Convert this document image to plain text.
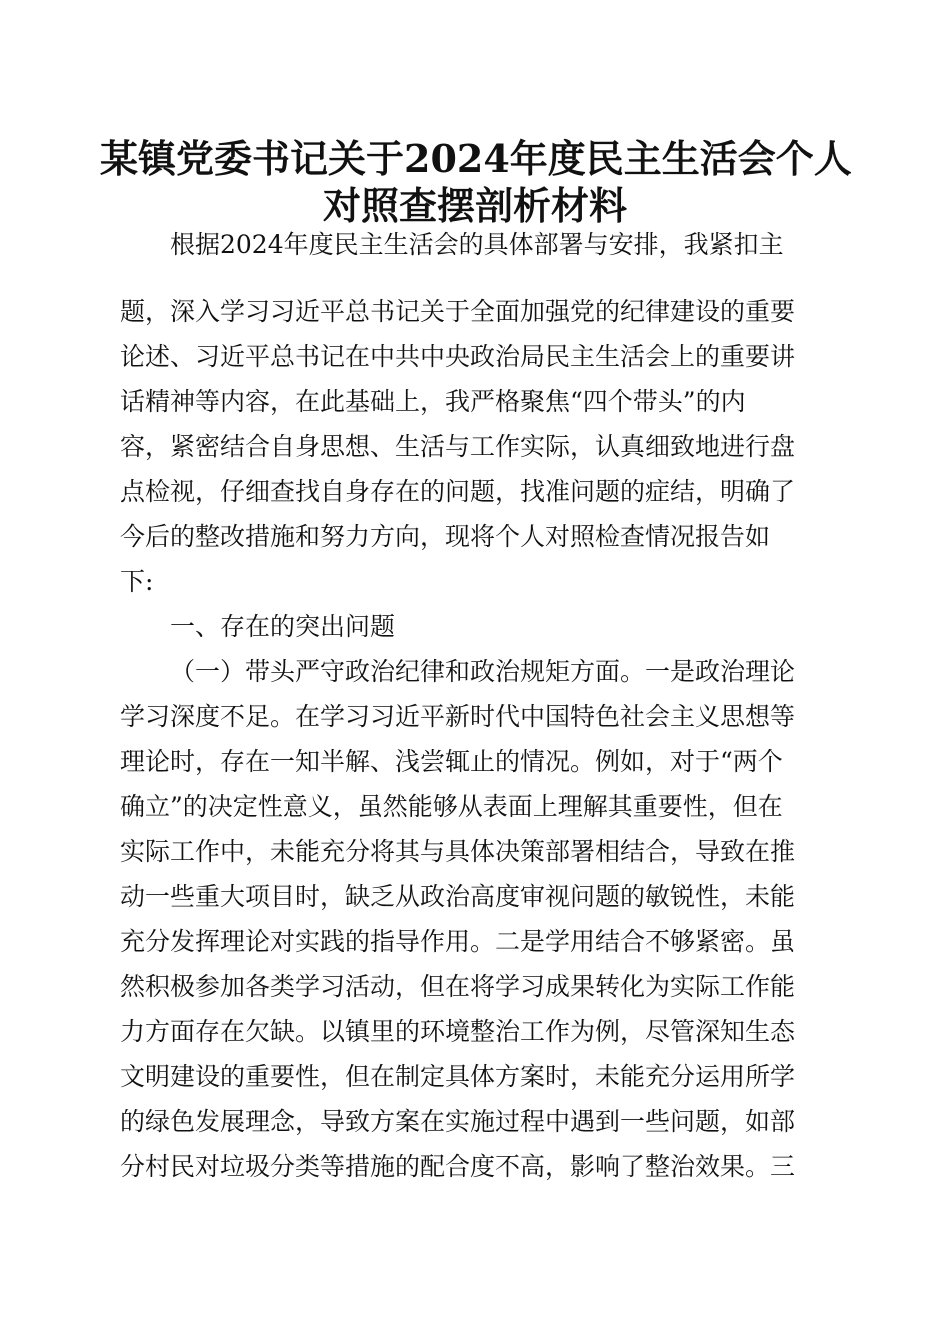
某镇党委书记关于2024年度民主生活会个人
对照查摆剖析材料
根据2024年度民主生活会的具体部署与安排，我紧扣主
题，深入学习习近平总书记关于全面加强党的纪律建设的重要
论述、习近平总书记在中共中央政治局民主生活会上的重要讲
话精神等内容，在此基础上，我严格聚焦“四个带头”的内
容，紧密结合自身思想、生活与工作实际，认真细致地进行盘
点检视，仔细查找自身存在的问题，找准问题的症结，明确了
今后的整改措施和努力方向，现将个人对照检查情况报告如
下:
一、存在的突出问题
（一）带头严守政治纪律和政治规矩方面。一是政治理论
学习深度不足。在学习习近平新时代中国特色社会主义思想等
理论时，存在一知半解、浅尝辄止的情况。例如，对于“两个
确立”的决定性意义，虽然能够从表面上理解其重要性，但在
实际工作中，未能充分将其与具体决策部署相结合，导致在推
动一些重大项目时，缺乏从政治高度审视问题的敏锐性，未能
充分发挥理论对实践的指导作用。二是学用结合不够紧密。虽
然积极参加各类学习活动，但在将学习成果转化为实际工作能
力方面存在欠缺。以镇里的环境整治工作为例，尽管深知生态
文明建设的重要性，但在制定具体方案时，未能充分运用所学
的绿色发展理念，导致方案在实施过程中遇到一些问题，如部
分村民对垃圾分类等措施的配合度不高，影响了整治效果。三
